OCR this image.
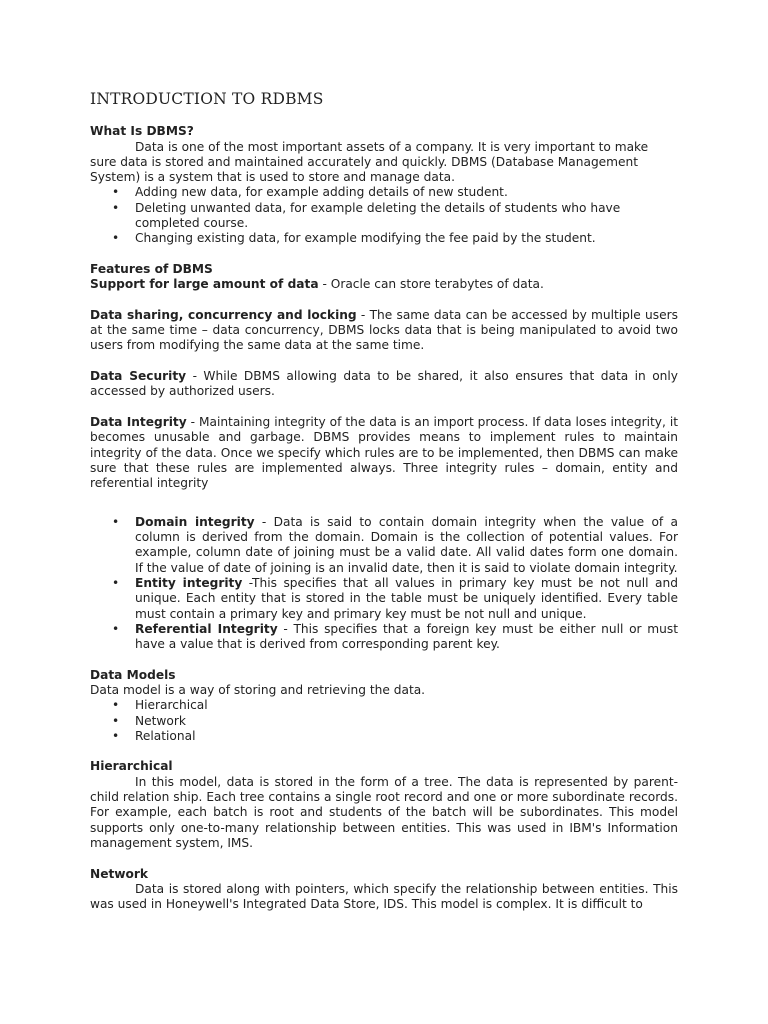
INTRODUCTION TO RDBMS

What Is DBMS?

Data is one of the most important assets of a company. It is very important to make sure data is stored and maintained accurately and quickly. DBMS (Database Management System) is a system that is used to store and manage data.

• Adding new data, for example adding details of new student.
• Deleting unwanted data, for example deleting the details of students who have completed course.
• Changing existing data, for example modifying the fee paid by the student.

Features of DBMS

Support for large amount of data - Oracle can store terabytes of data.

Data sharing, concurrency and locking - The same data can be accessed by multiple users at the same time – data concurrency, DBMS locks data that is being manipulated to avoid two users from modifying the same data at the same time.

Data Security - While DBMS allowing data to be shared, it also ensures that data in only accessed by authorized users.

Data Integrity - Maintaining integrity of the data is an import process. If data loses integrity, it becomes unusable and garbage. DBMS provides means to implement rules to maintain integrity of the data. Once we specify which rules are to be implemented, then DBMS can make sure that these rules are implemented always. Three integrity rules – domain, entity and referential integrity

• Domain integrity - Data is said to contain domain integrity when the value of a column is derived from the domain. Domain is the collection of potential values. For example, column date of joining must be a valid date. All valid dates form one domain. If the value of date of joining is an invalid date, then it is said to violate domain integrity.
• Entity integrity -This specifies that all values in primary key must be not null and unique. Each entity that is stored in the table must be uniquely identified. Every table must contain a primary key and primary key must be not null and unique.
• Referential Integrity - This specifies that a foreign key must be either null or must have a value that is derived from corresponding parent key.

Data Models

Data model is a way of storing and retrieving the data.

• Hierarchical
• Network
• Relational

Hierarchical

In this model, data is stored in the form of a tree. The data is represented by parent-child relation ship. Each tree contains a single root record and one or more subordinate records. For example, each batch is root and students of the batch will be subordinates. This model supports only one-to-many relationship between entities. This was used in IBM's Information management system, IMS.

Network

Data is stored along with pointers, which specify the relationship between entities. This was used in Honeywell's Integrated Data Store, IDS. This model is complex. It is difficult to
